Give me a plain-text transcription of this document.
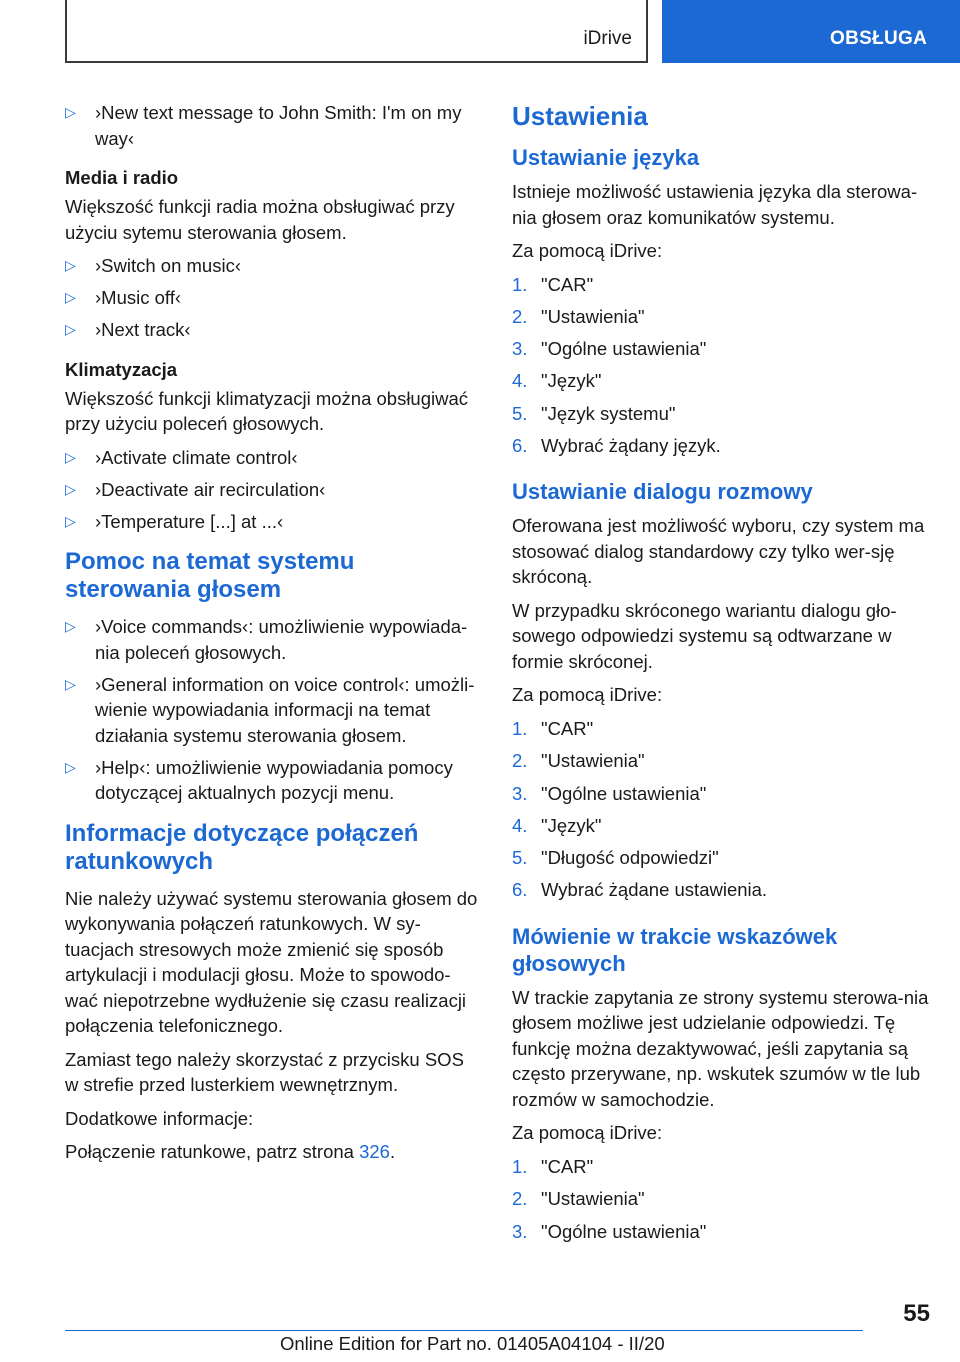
iDrive	OBSŁUGA
▷ ›New text message to John Smith: I'm on my way‹
Media i radio

Większość funkcji radia można obsługiwać przy użyciu sytemu sterowania głosem.

▷ ›Switch on music‹
▷ ›Music off‹
▷ ›Next track‹
Klimatyzacja

Większość funkcji klimatyzacji można obsługiwać przy użyciu poleceń głosowych.

▷ ›Activate climate control‹
▷ ›Deactivate air recirculation‹
▷ ›Temperature [...] at ...‹
Pomoc na temat systemu sterowania głosem
▷ ›Voice commands‹: umożliwienie wypowiada-nia poleceń głosowych.
▷ ›General information on voice control‹: umożli-wienie wypowiadania informacji na temat działania systemu sterowania głosem.
▷ ›Help‹: umożliwienie wypowiadania pomocy dotyczącej aktualnych pozycji menu.
Informacje dotyczące połączeń ratunkowych

Nie należy używać systemu sterowania głosem do wykonywania połączeń ratunkowych. W sy-tuacjach stresowych może zmienić się sposób artykulacji i modulacji głosu. Może to spowodo-wać niepotrzebne wydłużenie się czasu realizacji połączenia telefonicznego.

Zamiast tego należy skorzystać z przycisku SOS w strefie przed lusterkiem wewnętrznym.

Dodatkowe informacje:

Połączenie ratunkowe, patrz strona 326.

Ustawienia
Ustawianie języka

Istnieje możliwość ustawienia języka dla sterowa-nia głosem oraz komunikatów systemu.

Za pomocą iDrive:

1. "CAR"
2. "Ustawienia"
3. "Ogólne ustawienia"
4. "Język"
5. "Język systemu"
6. Wybrać żądany język.
Ustawianie dialogu rozmowy

Oferowana jest możliwość wyboru, czy system ma stosować dialog standardowy czy tylko wer-sję skróconą.

W przypadku skróconego wariantu dialogu gło-sowego odpowiedzi systemu są odtwarzane w formie skróconej.

Za pomocą iDrive:

1. "CAR"
2. "Ustawienia"
3. "Ogólne ustawienia"
4. "Język"
5. "Długość odpowiedzi"
6. Wybrać żądane ustawienia.
Mówienie w trakcie wskazówek głosowych

W trackie zapytania ze strony systemu sterowa-nia głosem możliwe jest udzielanie odpowiedzi. Tę funkcję można dezaktywować, jeśli zapytania są często przerywane, np. wskutek szumów w tle lub rozmów w samochodzie.

Za pomocą iDrive:

1. "CAR"
2. "Ustawienia"
3. "Ogólne ustawienia"
55
Online Edition for Part no. 01405A04104 - II/20
